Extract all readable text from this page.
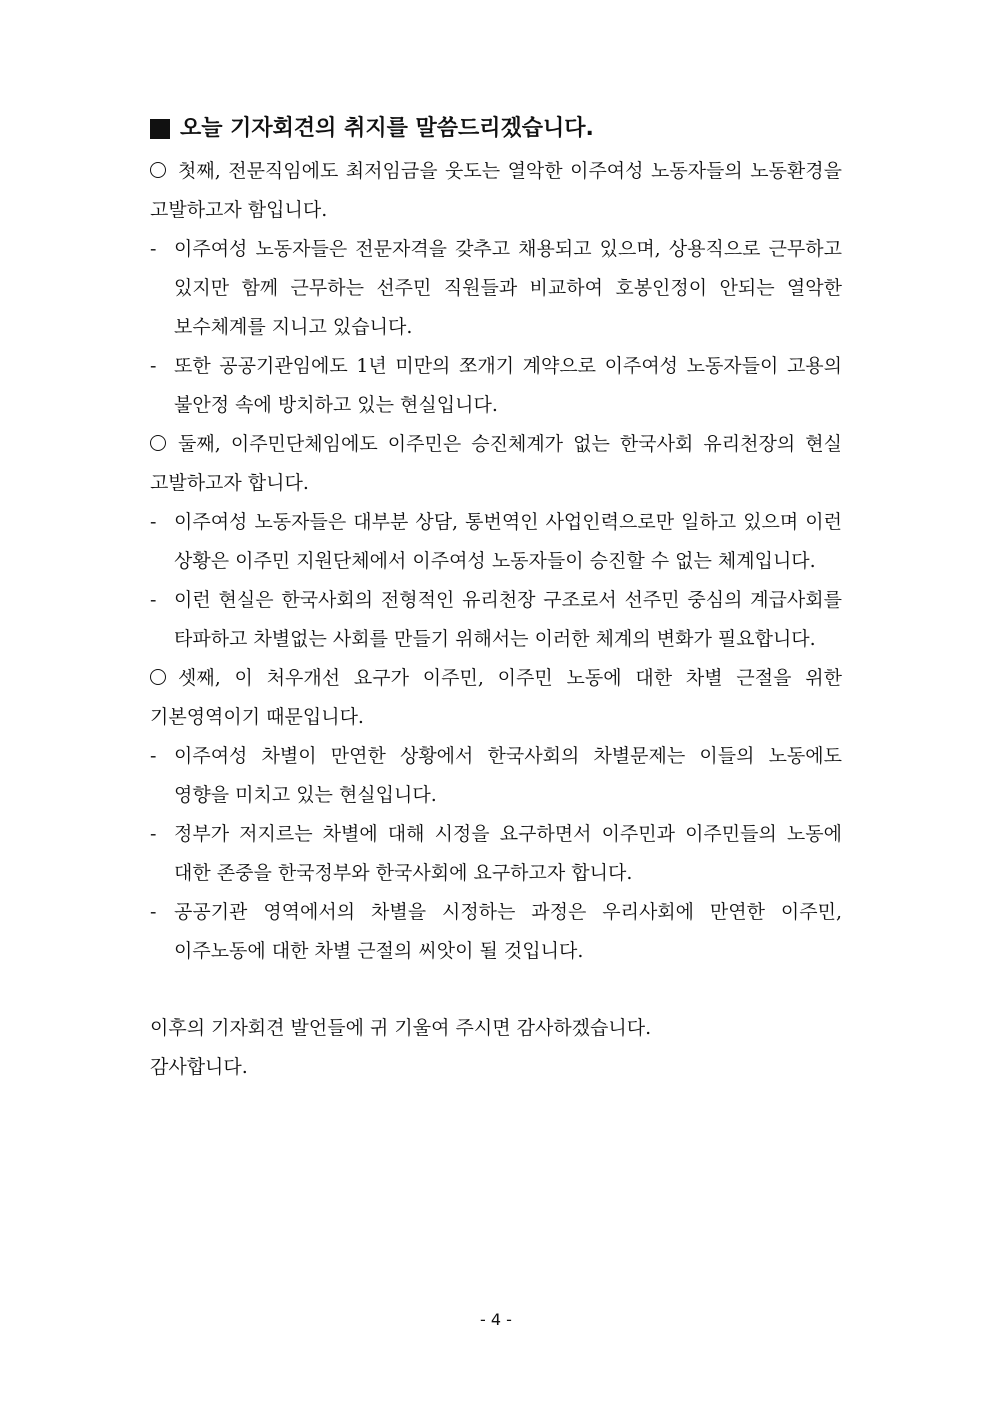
오늘 기자회견의 취지를 말씀드리겠습니다.
첫째, 전문직임에도 최저임금을 웃도는 열악한 이주여성 노동자들의 노동환경을 고발하고자 함입니다.
- 이주여성 노동자들은 전문자격을 갖추고 채용되고 있으며, 상용직으로 근무하고 있지만 함께 근무하는 선주민 직원들과 비교하여 호봉인정이 안되는 열악한 보수체계를 지니고 있습니다.
- 또한 공공기관임에도 1년 미만의 쪼개기 계약으로 이주여성 노동자들이 고용의 불안정 속에 방치하고 있는 현실입니다.
둘째, 이주민단체임에도 이주민은 승진체계가 없는 한국사회 유리천장의 현실 고발하고자 합니다.
- 이주여성 노동자들은 대부분 상담, 통번역인 사업인력으로만 일하고 있으며 이런 상황은 이주민 지원단체에서 이주여성 노동자들이 승진할 수 없는 체계입니다.
- 이런 현실은 한국사회의 전형적인 유리천장 구조로서 선주민 중심의 계급사회를 타파하고 차별없는 사회를 만들기 위해서는 이러한 체계의 변화가 필요합니다.
셋째, 이 처우개선 요구가 이주민, 이주민 노동에 대한 차별 근절을 위한 기본영역이기 때문입니다.
- 이주여성 차별이 만연한 상황에서 한국사회의 차별문제는 이들의 노동에도 영향을 미치고 있는 현실입니다.
- 정부가 저지르는 차별에 대해 시정을 요구하면서 이주민과 이주민들의 노동에 대한 존중을 한국정부와 한국사회에 요구하고자 합니다.
- 공공기관 영역에서의 차별을 시정하는 과정은 우리사회에 만연한 이주민, 이주노동에 대한 차별 근절의 씨앗이 될 것입니다.
이후의 기자회견 발언들에 귀 기울여 주시면 감사하겠습니다.
감사합니다.
- 4 -
